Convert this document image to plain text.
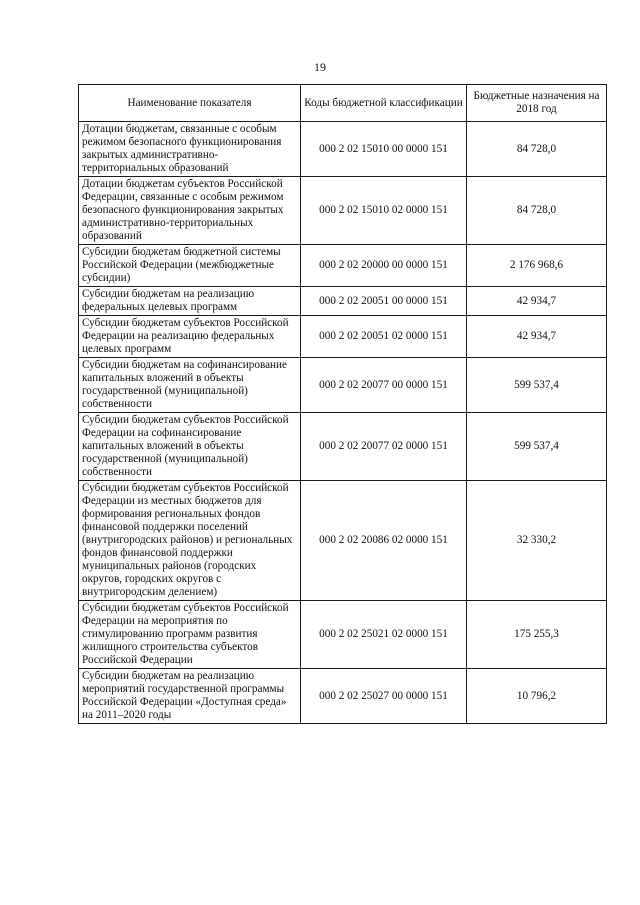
19
Наименование показателя	Коды бюджетной классификации	Бюджетные назначения на 2018 год
Дотации бюджетам, связанные с особым режимом безопасного функционирования закрытых административно-территориальных образований	000 2 02 15010 00 0000 151	84 728,0
Дотации бюджетам субъектов Российской Федерации, связанные с особым режимом безопасного функционирования закрытых административно-территориальных образований	000 2 02 15010 02 0000 151	84 728,0
Субсидии бюджетам бюджетной системы Российской Федерации (межбюджетные субсидии)	000 2 02 20000 00 0000 151	2 176 968,6
Субсидии бюджетам на реализацию федеральных целевых программ	000 2 02 20051 00 0000 151	42 934,7
Субсидии бюджетам субъектов Российской Федерации на реализацию федеральных целевых программ	000 2 02 20051 02 0000 151	42 934,7
Субсидии бюджетам на софинансирование капитальных вложений в объекты государственной (муниципальной) собственности	000 2 02 20077 00 0000 151	599 537,4
Субсидии бюджетам субъектов Российской Федерации на софинансирование капитальных вложений в объекты государственной (муниципальной) собственности	000 2 02 20077 02 0000 151	599 537,4
Субсидии бюджетам субъектов Российской Федерации из местных бюджетов для формирования региональных фондов финансовой поддержки поселений (внутригородских районов) и региональных фондов финансовой поддержки муниципальных районов (городских округов, городских округов с внутригородским делением)	000 2 02 20086 02 0000 151	32 330,2
Субсидии бюджетам субъектов Российской Федерации на мероприятия по стимулированию программ развития жилищного строительства субъектов Российской Федерации	000 2 02 25021 02 0000 151	175 255,3
Субсидии бюджетам на реализацию мероприятий государственной программы Российской Федерации «Доступная среда» на 2011–2020 годы	000 2 02 25027 00 0000 151	10 796,2
